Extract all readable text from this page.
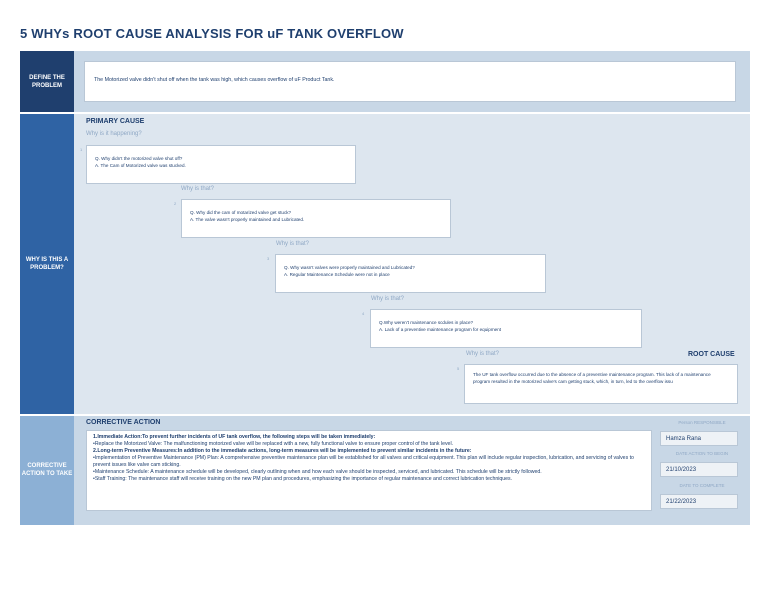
5 WHYs ROOT CAUSE ANALYSIS FOR uF TANK OVERFLOW
DEFINE THE PROBLEM
WHY IS THIS A PROBLEM?
CORRECTIVE ACTION TO TAKE
The Motorized valve didn't shut off when the tank was high, which causes overflow of uF Product Tank.
PRIMARY CAUSE
Why is it happening?
1
Q. Why didn't the motorized valve shut off?
A. The Cam of Motorized valve was stucked.
Why is that?
2
Q. Why did the cam of motarized valve get stuck?
A. The valve wasn't properly maintained and Lubricated.
Why is that?
3
Q. Why wasn't valves were properly maintained and Lubricated?
A. Regular Maintenance Schedule were not in place
Why is that?
4
Q.Why weren't maintenance scdules in place?
A. Lack of a preventive maintenance program for equipment
Why is that?	ROOT CAUSE
5
The UF tank overflow occurred due to the absence of a preventive maintenance program. This lack of a maintenance program resulted in the motorized valve's cam getting stuck, which, in turn, led to the overflow issu
CORRECTIVE ACTION
1.Immediate Action:To prevent further incidents of UF tank overflow, the following steps will be taken immediately:
•Replace the Motorized Valve: The malfunctioning motorized valve will be replaced with a new, fully functional valve to ensure proper control of the tank level.
2.Long-term Preventive Measures:In addition to the immediate actions, long-term measures will be implemented to prevent similar incidents in the future:
•Implementation of Preventive Maintenance (PM) Plan: A comprehensive preventive maintenance plan will be established for all valves and critical equipment. This plan will include regular inspection, lubrication, and servicing of valves to prevent issues like valve cam sticking.
•Maintenance Schedule: A maintenance schedule will be developed, clearly outlining when and how each valve should be inspected, serviced, and lubricated. This schedule will be strictly followed.
•Staff Training: The maintenance staff will receive training on the new PM plan and procedures, emphasizing the importance of regular maintenance and correct lubrication techniques.
Person RESPONSIBLE
Hamza Rana
DATE ACTION TO BEGIN
21/10/2023
DATE TO COMPLETE
21/22/2023
